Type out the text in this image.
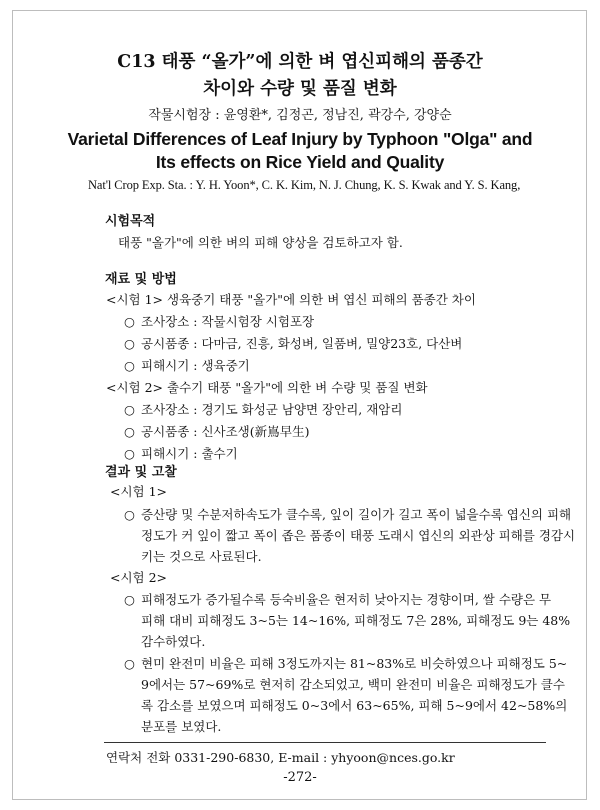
C13 태풍 “올가”에 의한 벼 엽신피해의 품종간
차이와 수량 및 품질 변화
작물시험장 : 윤영환*, 김정곤, 정남진, 곽강수, 강양순
Varietal Differences of Leaf Injury by Typhoon "Olga" and
Its effects on Rice Yield and Quality
Nat'l Crop Exp. Sta. : Y. H. Yoon*, C. K. Kim, N. J. Chung, K. S. Kwak and Y. S. Kang,
시험목적
태풍 "올가"에 의한 벼의 피해 양상을 검토하고자 함.
재료 및 방법
<시험 1> 생육중기 태풍 "올가"에 의한 벼 엽신 피해의 품종간 차이
○ 조사장소 : 작물시험장 시험포장
○ 공시품종 : 다마금, 진흥, 화성벼, 일품벼, 밀양23호, 다산벼
○ 피해시기 : 생육중기
<시험 2> 출수기 태풍 "올가"에 의한 벼 수량 및 품질 변화
○ 조사장소 : 경기도 화성군 남양면 장안리, 재암리
○ 공시품종 : 신사조생(新嶌早生)
○ 피해시기 : 출수기
결과 및 고찰
<시험 1>
○ 증산량 및 수분저하속도가 클수록, 잎이 길이가 길고 폭이 넓을수록 엽신의 피해
정도가 커 잎이 짧고 폭이 좁은 품종이 태풍 도래시 엽신의 외관상 피해를 경감시
키는 것으로 사료된다.
<시험 2>
○ 피해정도가 증가될수록 등숙비율은 현저히 낮아지는 경향이며, 쌀 수량은 무
피해 대비 피해정도 3~5는 14~16%, 피해정도 7은 28%, 피해정도 9는 48%
감수하였다.
○ 현미 완전미 비율은 피해 3정도까지는 81~83%로 비슷하였으나 피해정도 5~
9에서는 57~69%로 현저히 감소되었고, 백미 완전미 비율은 피해정도가 클수
록 감소를 보였으며 피해정도 0~3에서 63~65%, 피해 5~9에서 42~58%의
분포를 보였다.
연락처 전화 0331-290-6830, E-mail : yhyoon@nces.go.kr
-272-
